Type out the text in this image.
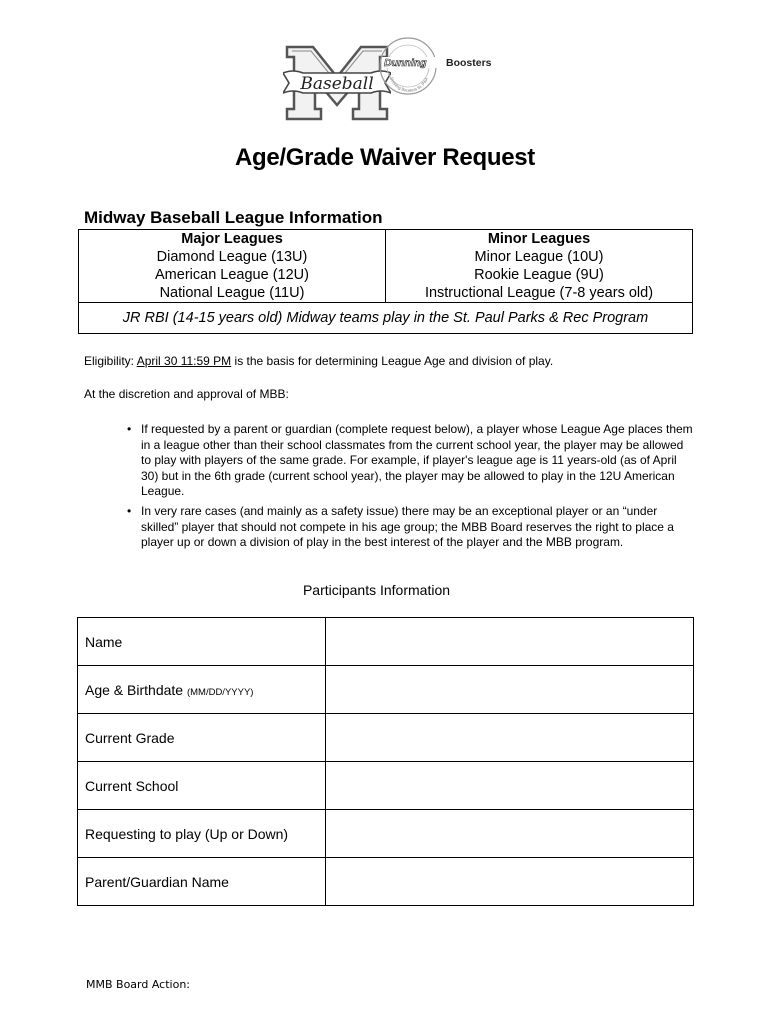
Baseball
Dunning Boosters
Dunning Boosters St. Paul
Age/Grade Waiver Request
Midway Baseball League Information
Major Leagues	Minor Leagues
Diamond League (13U)	Minor League (10U)
American League (12U)	Rookie League (9U)
National League (11U)	Instructional League (7-8 years old)
JR RBI (14-15 years old) Midway teams play in the St. Paul Parks & Rec Program	
Eligibility: April 30 11:59 PM is the basis for determining League Age and division of play.
At the discretion and approval of MBB:
• If requested by a parent or guardian (complete request below), a player whose League Age places them in a league other than their school classmates from the current school year, the player may be allowed to play with players of the same grade. For example, if player's league age is 11 years-old (as of April 30) but in the 6th grade (current school year), the player may be allowed to play in the 12U American League.
• In very rare cases (and mainly as a safety issue) there may be an exceptional player or an “under skilled” player that should not compete in his age group; the MBB Board reserves the right to place a player up or down a division of play in the best interest of the player and the MBB program.
Participants Information
Name	
Age & Birthdate (MM/DD/YYYY)	
Current Grade	
Current School	
Requesting to play (Up or Down)	
Parent/Guardian Name	
MMB Board Action:
